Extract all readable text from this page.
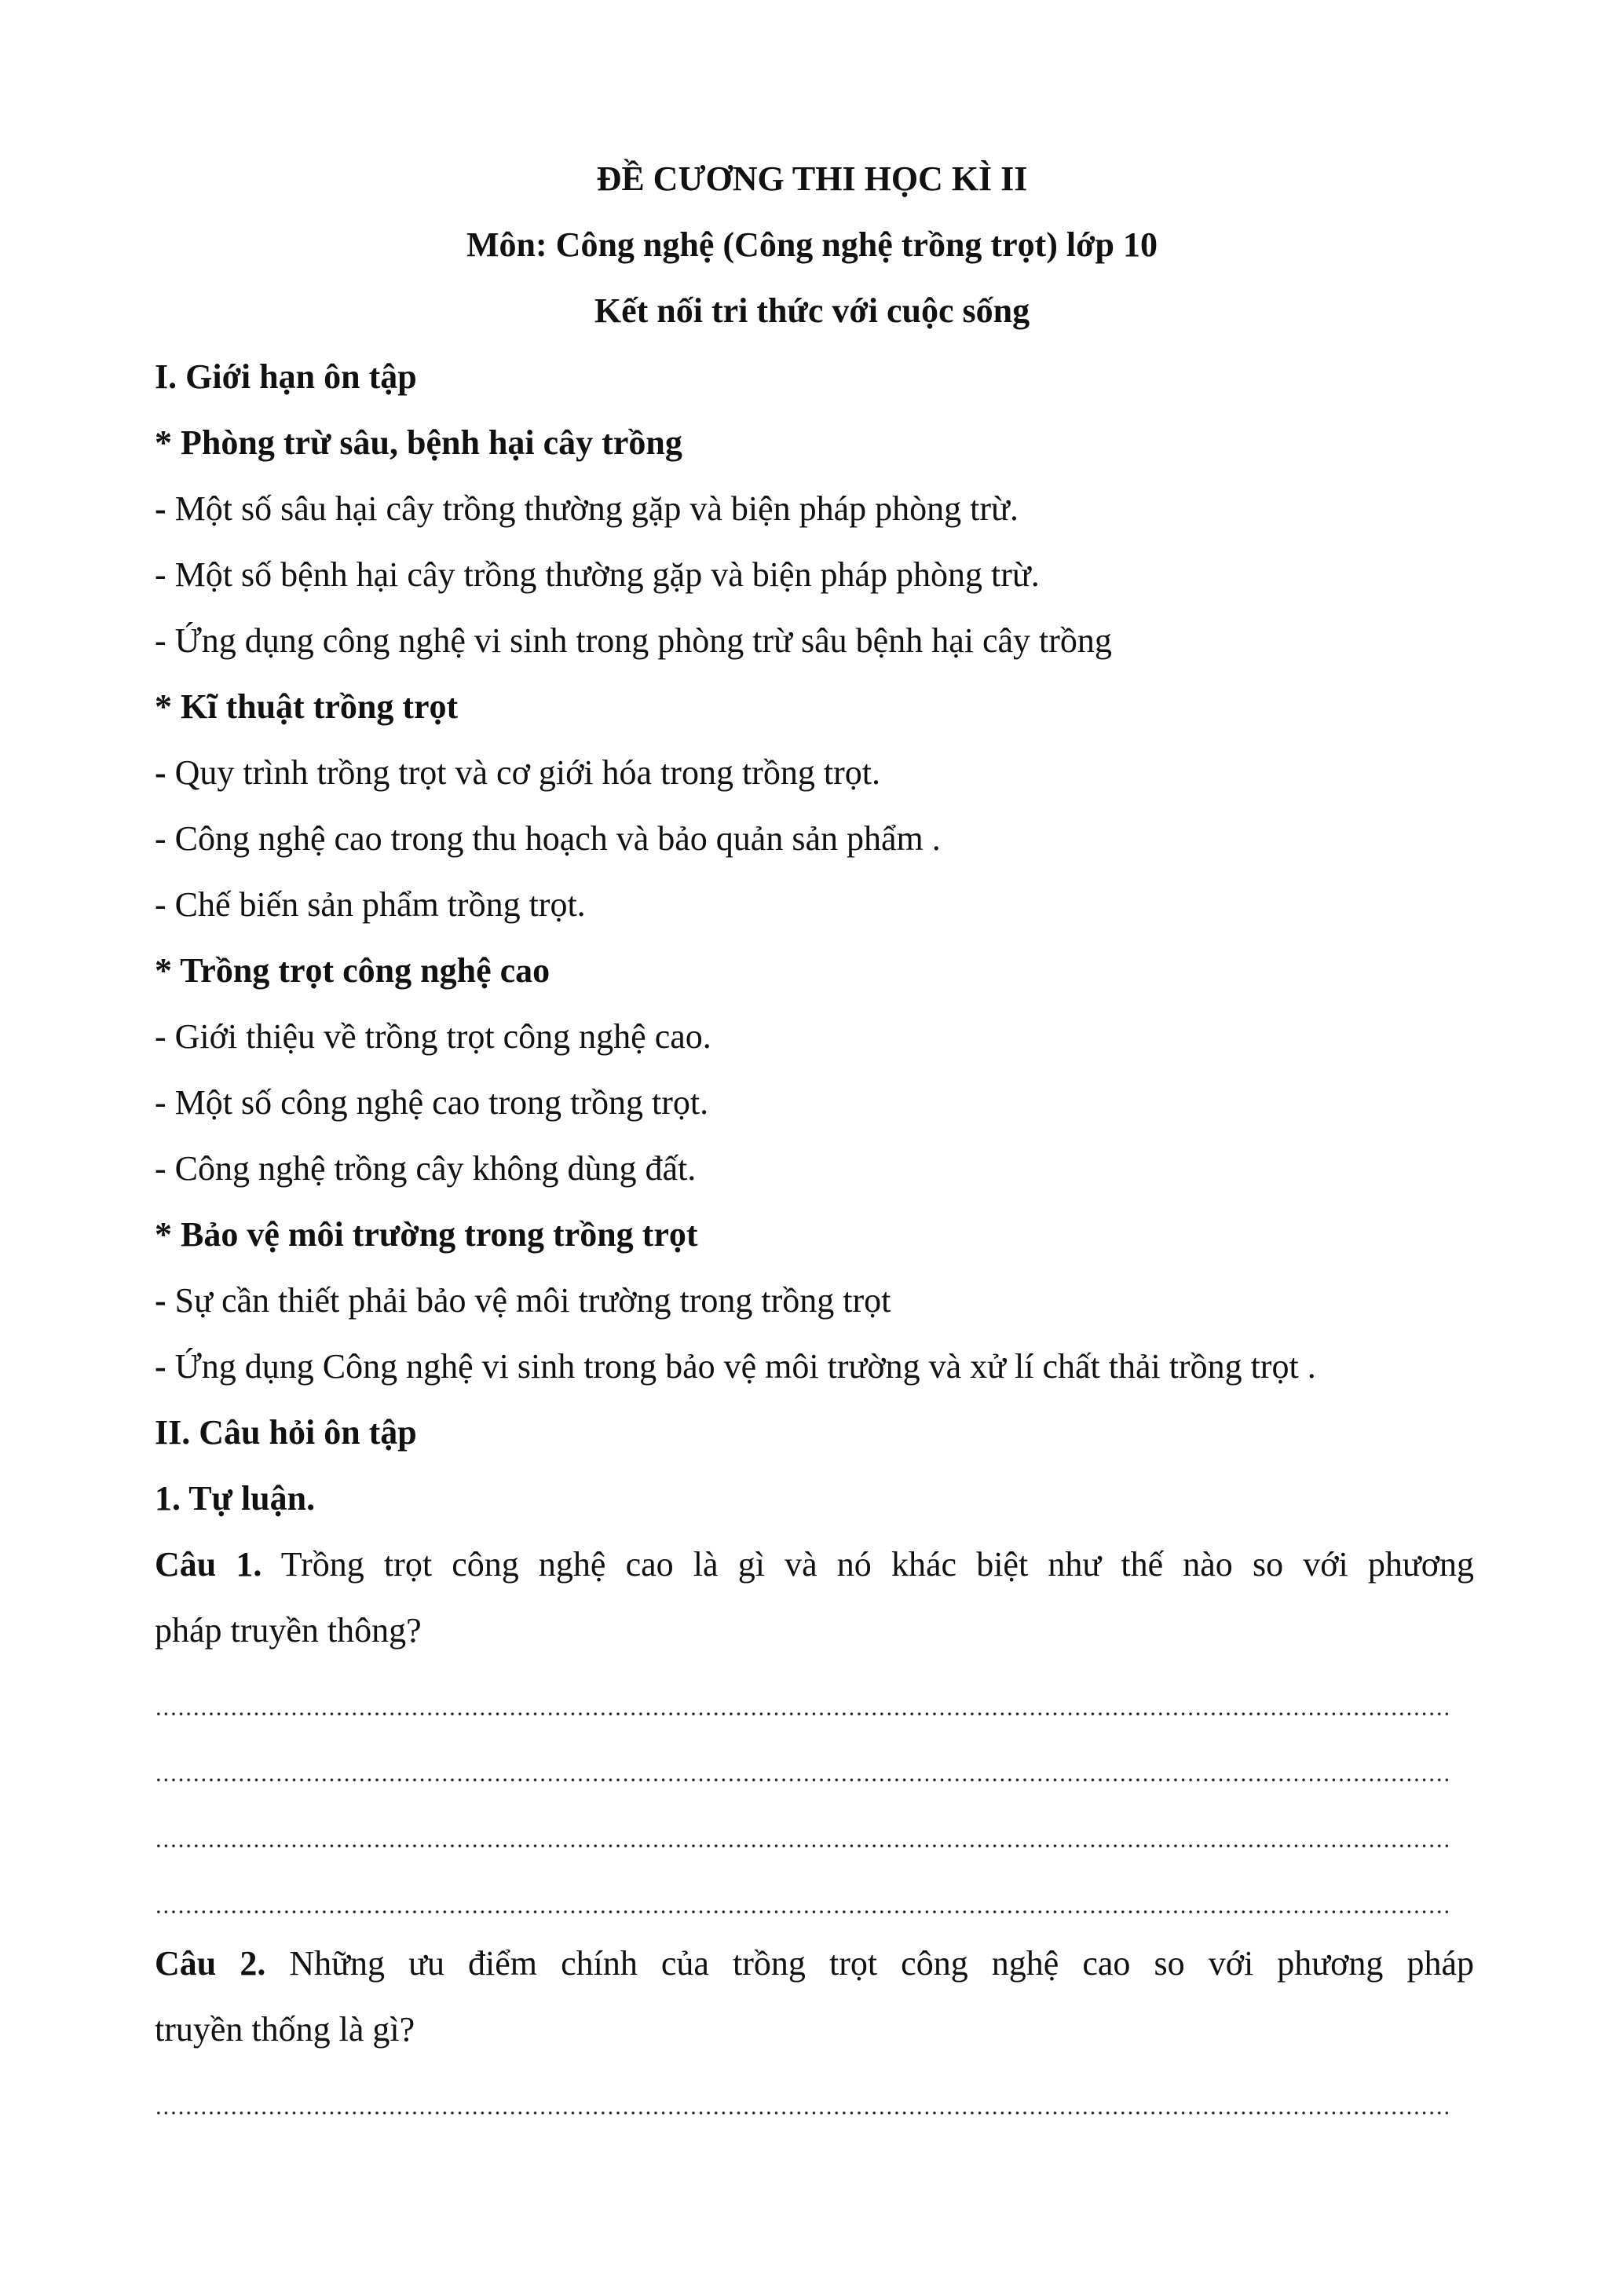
ĐỀ CƯƠNG THI HỌC KÌ II
Môn: Công nghệ (Công nghệ trồng trọt) lớp 10
Kết nối tri thức với cuộc sống
I. Giới hạn ôn tập
* Phòng trừ sâu, bệnh hại cây trồng
- Một số sâu hại cây trồng thường gặp và biện pháp phòng trừ.
- Một số bệnh hại cây trồng thường gặp và biện pháp phòng trừ.
- Ứng dụng công nghệ vi sinh trong phòng trừ sâu bệnh hại cây trồng
* Kĩ thuật trồng trọt
- Quy trình trồng trọt và cơ giới hóa trong trồng trọt.
- Công nghệ cao trong thu hoạch và bảo quản sản phẩm .
- Chế biến sản phẩm trồng trọt.
* Trồng trọt công nghệ cao
- Giới thiệu về trồng trọt công nghệ cao.
- Một số công nghệ cao trong trồng trọt.
- Công nghệ trồng cây không dùng đất.
* Bảo vệ môi trường trong trồng trọt
- Sự cần thiết phải bảo vệ môi trường trong trồng trọt
- Ứng dụng Công nghệ vi sinh trong bảo vệ môi trường và xử lí chất thải trồng trọt .
II. Câu hỏi ôn tập
1. Tự luận.
Câu 1. Trồng trọt công nghệ cao là gì và nó khác biệt như thế nào so với phương
pháp truyền thông?
Câu 2. Những ưu điểm chính của trồng trọt công nghệ cao so với phương pháp
truyền thống là gì?
